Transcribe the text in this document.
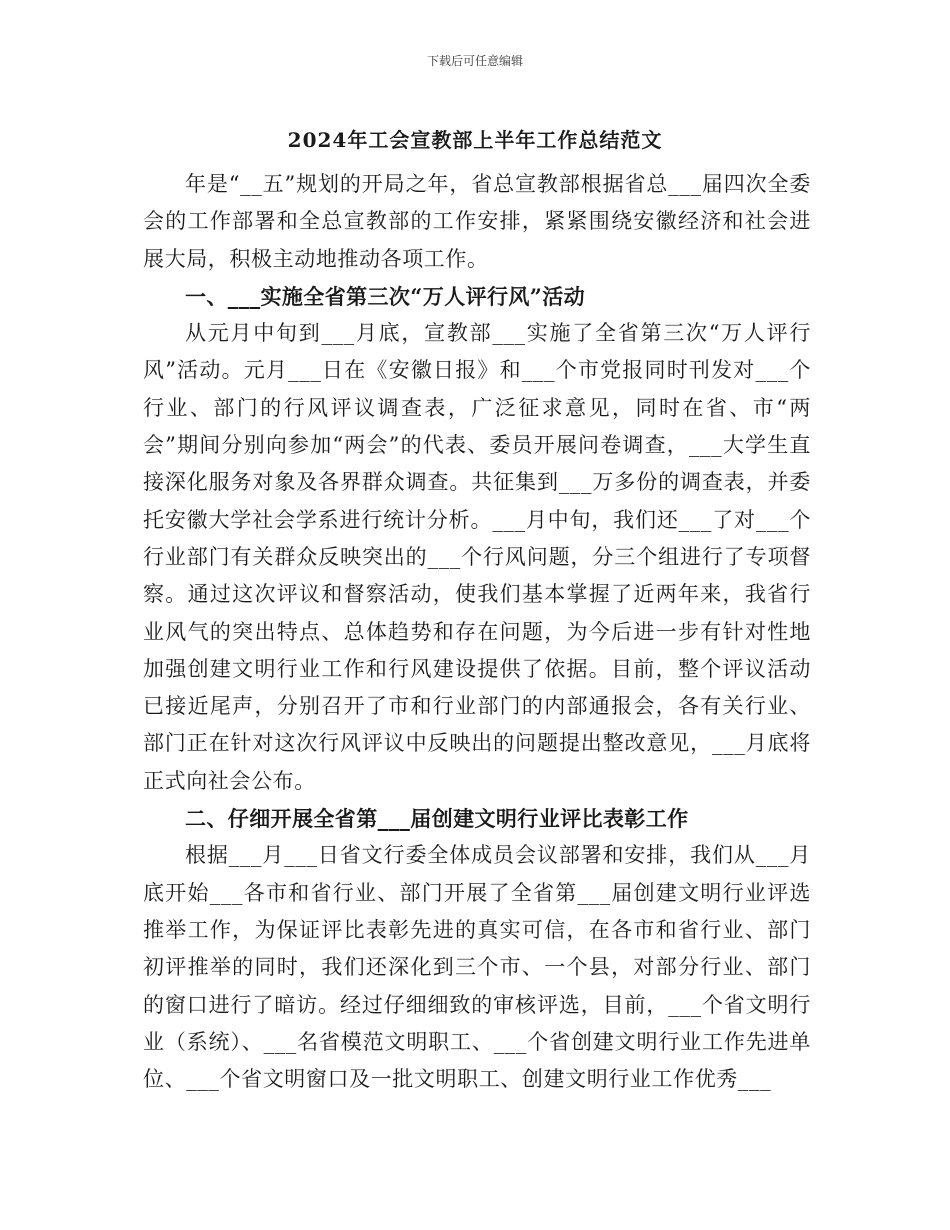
下载后可任意编辑
2024年工会宣教部上半年工作总结范文

年是“__五”规划的开局之年，省总宣教部根据省总___届四次全委会的工作部署和全总宣教部的工作安排，紧紧围绕安徽经济和社会进展大局，积极主动地推动各项工作。

一、___实施全省第三次“万人评行风”活动

从元月中旬到___月底，宣教部___实施了全省第三次“万人评行风”活动。元月___日在《安徽日报》和___个市党报同时刊发对___个行业、部门的行风评议调查表，广泛征求意见，同时在省、市“两会”期间分别向参加“两会”的代表、委员开展问卷调查，___大学生直接深化服务对象及各界群众调查。共征集到___万多份的调查表，并委托安徽大学社会学系进行统计分析。___月中旬，我们还___了对___个行业部门有关群众反映突出的___个行风问题，分三个组进行了专项督察。通过这次评议和督察活动，使我们基本掌握了近两年来，我省行业风气的突出特点、总体趋势和存在问题，为今后进一步有针对性地加强创建文明行业工作和行风建设提供了依据。目前，整个评议活动已接近尾声，分别召开了市和行业部门的内部通报会，各有关行业、部门正在针对这次行风评议中反映出的问题提出整改意见，___月底将正式向社会公布。

二、仔细开展全省第___届创建文明行业评比表彰工作

根据___月___日省文行委全体成员会议部署和安排，我们从___月底开始___各市和省行业、部门开展了全省第___届创建文明行业评选推举工作，为保证评比表彰先进的真实可信，在各市和省行业、部门初评推举的同时，我们还深化到三个市、一个县，对部分行业、部门的窗口进行了暗访。经过仔细细致的审核评选，目前，___个省文明行业（系统）、___名省模范文明职工、___个省创建文明行业工作先进单位、___个省文明窗口及一批文明职工、创建文明行业工作优秀___
